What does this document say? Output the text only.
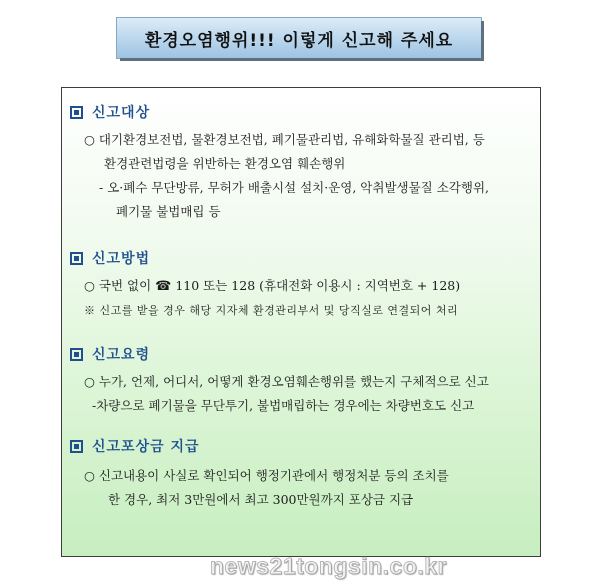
환경오염행위!!! 이렇게 신고해 주세요
신고대상
○ 대기환경보전법, 물환경보전법, 폐기물관리법, 유해화학물질 관리법, 등
환경관련법령을 위반하는 환경오염 훼손행위
- 오·폐수 무단방류, 무허가 배출시설 설치·운영, 악취발생물질 소각행위,
폐기물 불법매립 등
신고방법
○ 국번 없이 ☎ 110 또는 128 (휴대전화 이용시 : 지역번호 + 128)
※ 신고를 받을 경우 해당 지자체 환경관리부서 및 당직실로 연결되어 처리
신고요령
○ 누가, 언제, 어디서, 어떻게 환경오염훼손행위를 했는지 구체적으로 신고
-차량으로 폐기물을 무단투기, 불법매립하는 경우에는 차량번호도 신고
신고포상금 지급
○ 신고내용이 사실로 확인되어 행정기관에서 행정처분 등의 조치를
한 경우, 최저 3만원에서 최고 300만원까지 포상금 지급
news21tongsin.co.kr
